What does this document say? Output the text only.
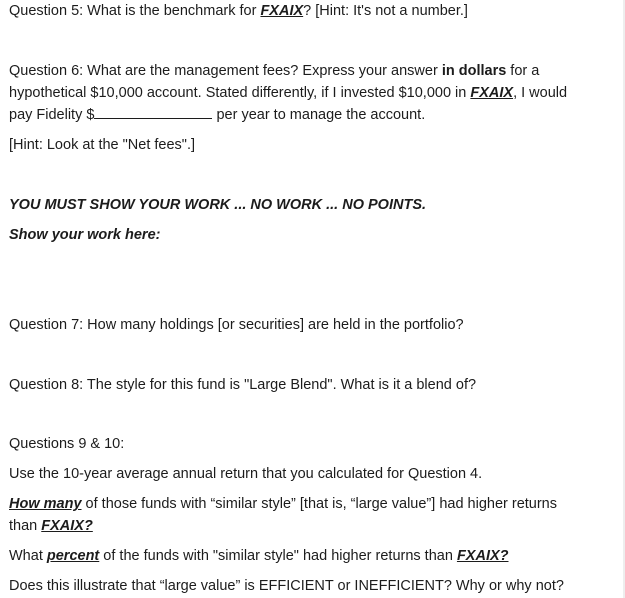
Question 5: What is the benchmark for FXAIX? [Hint: It's not a number.]
Question 6: What are the management fees? Express your answer in dollars for a
hypothetical $10,000 account. Stated differently, if I invested $10,000 in FXAIX, I would
pay Fidelity $	per year to manage the account.
[Hint: Look at the "Net fees".]
YOU MUST SHOW YOUR WORK ... NO WORK ... NO POINTS.
Show your work here:
Question 7: How many holdings [or securities] are held in the portfolio?
Question 8: The style for this fund is "Large Blend". What is it a blend of?
Questions 9 & 10:
Use the 10-year average annual return that you calculated for Question 4.
How many of those funds with “similar style” [that is, “large value”] had higher returns
than FXAIX?
What percent of the funds with "similar style" had higher returns than FXAIX?
Does this illustrate that “large value” is EFFICIENT or INEFFICIENT? Why or why not?
